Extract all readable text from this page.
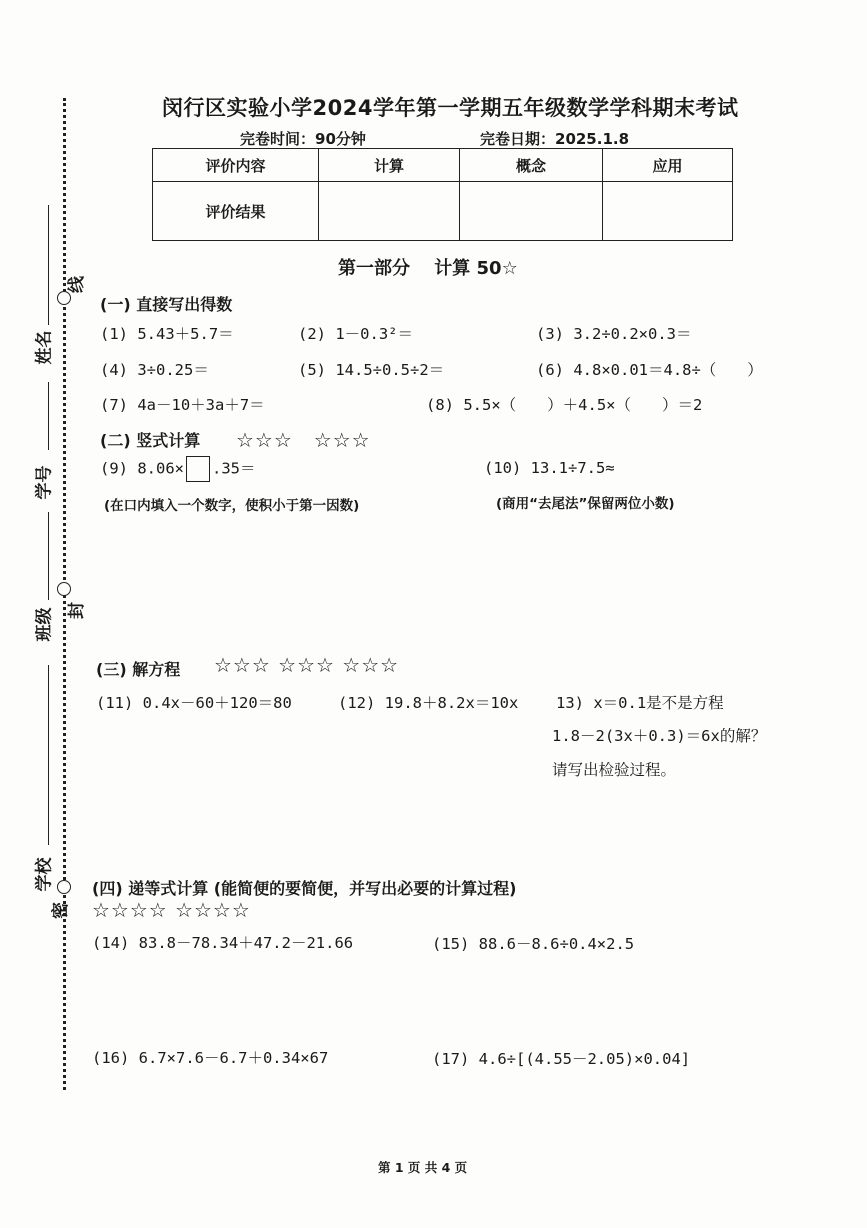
线
封
密
姓名
学号
班级
学校
闵行区实验小学2024学年第一学期五年级数学学科期末考试
完卷时间：90分钟	完卷日期：2025.1.8
评价内容	计算	概念	应用
评价结果			
第一部分　 计算 50☆
(一) 直接写出得数
(1) 5.43＋5.7＝	(2) 1－0.3²＝	(3) 3.2÷0.2×0.3＝
(4) 3÷0.25＝	(5) 14.5÷0.5÷2＝	(6) 4.8×0.01＝4.8÷（　　）
(7) 4a－10＋3a＋7＝	(8) 5.5×（　　）＋4.5×（　　）＝2
(二) 竖式计算 ☆☆☆　☆☆☆
(9) 8.06× .35＝	(10) 13.1÷7.5≈
(在口内填入一个数字，使积小于第一因数)	(商用“去尾法”保留两位小数)
(三) 解方程 ☆☆☆ ☆☆☆ ☆☆☆
(11) 0.4x－60＋120＝80	(12) 19.8＋8.2x＝10x 13) x＝0.1是不是方程
1.8－2(3x＋0.3)＝6x的解？
请写出检验过程。
(四) 递等式计算 (能简便的要简便，并写出必要的计算过程)
☆☆☆☆ ☆☆☆☆
(14) 83.8－78.34＋47.2－21.66	(15) 88.6－8.6÷0.4×2.5
(16) 6.7×7.6－6.7＋0.34×67	(17) 4.6÷[(4.55－2.05)×0.04]
第 1 页 共 4 页
